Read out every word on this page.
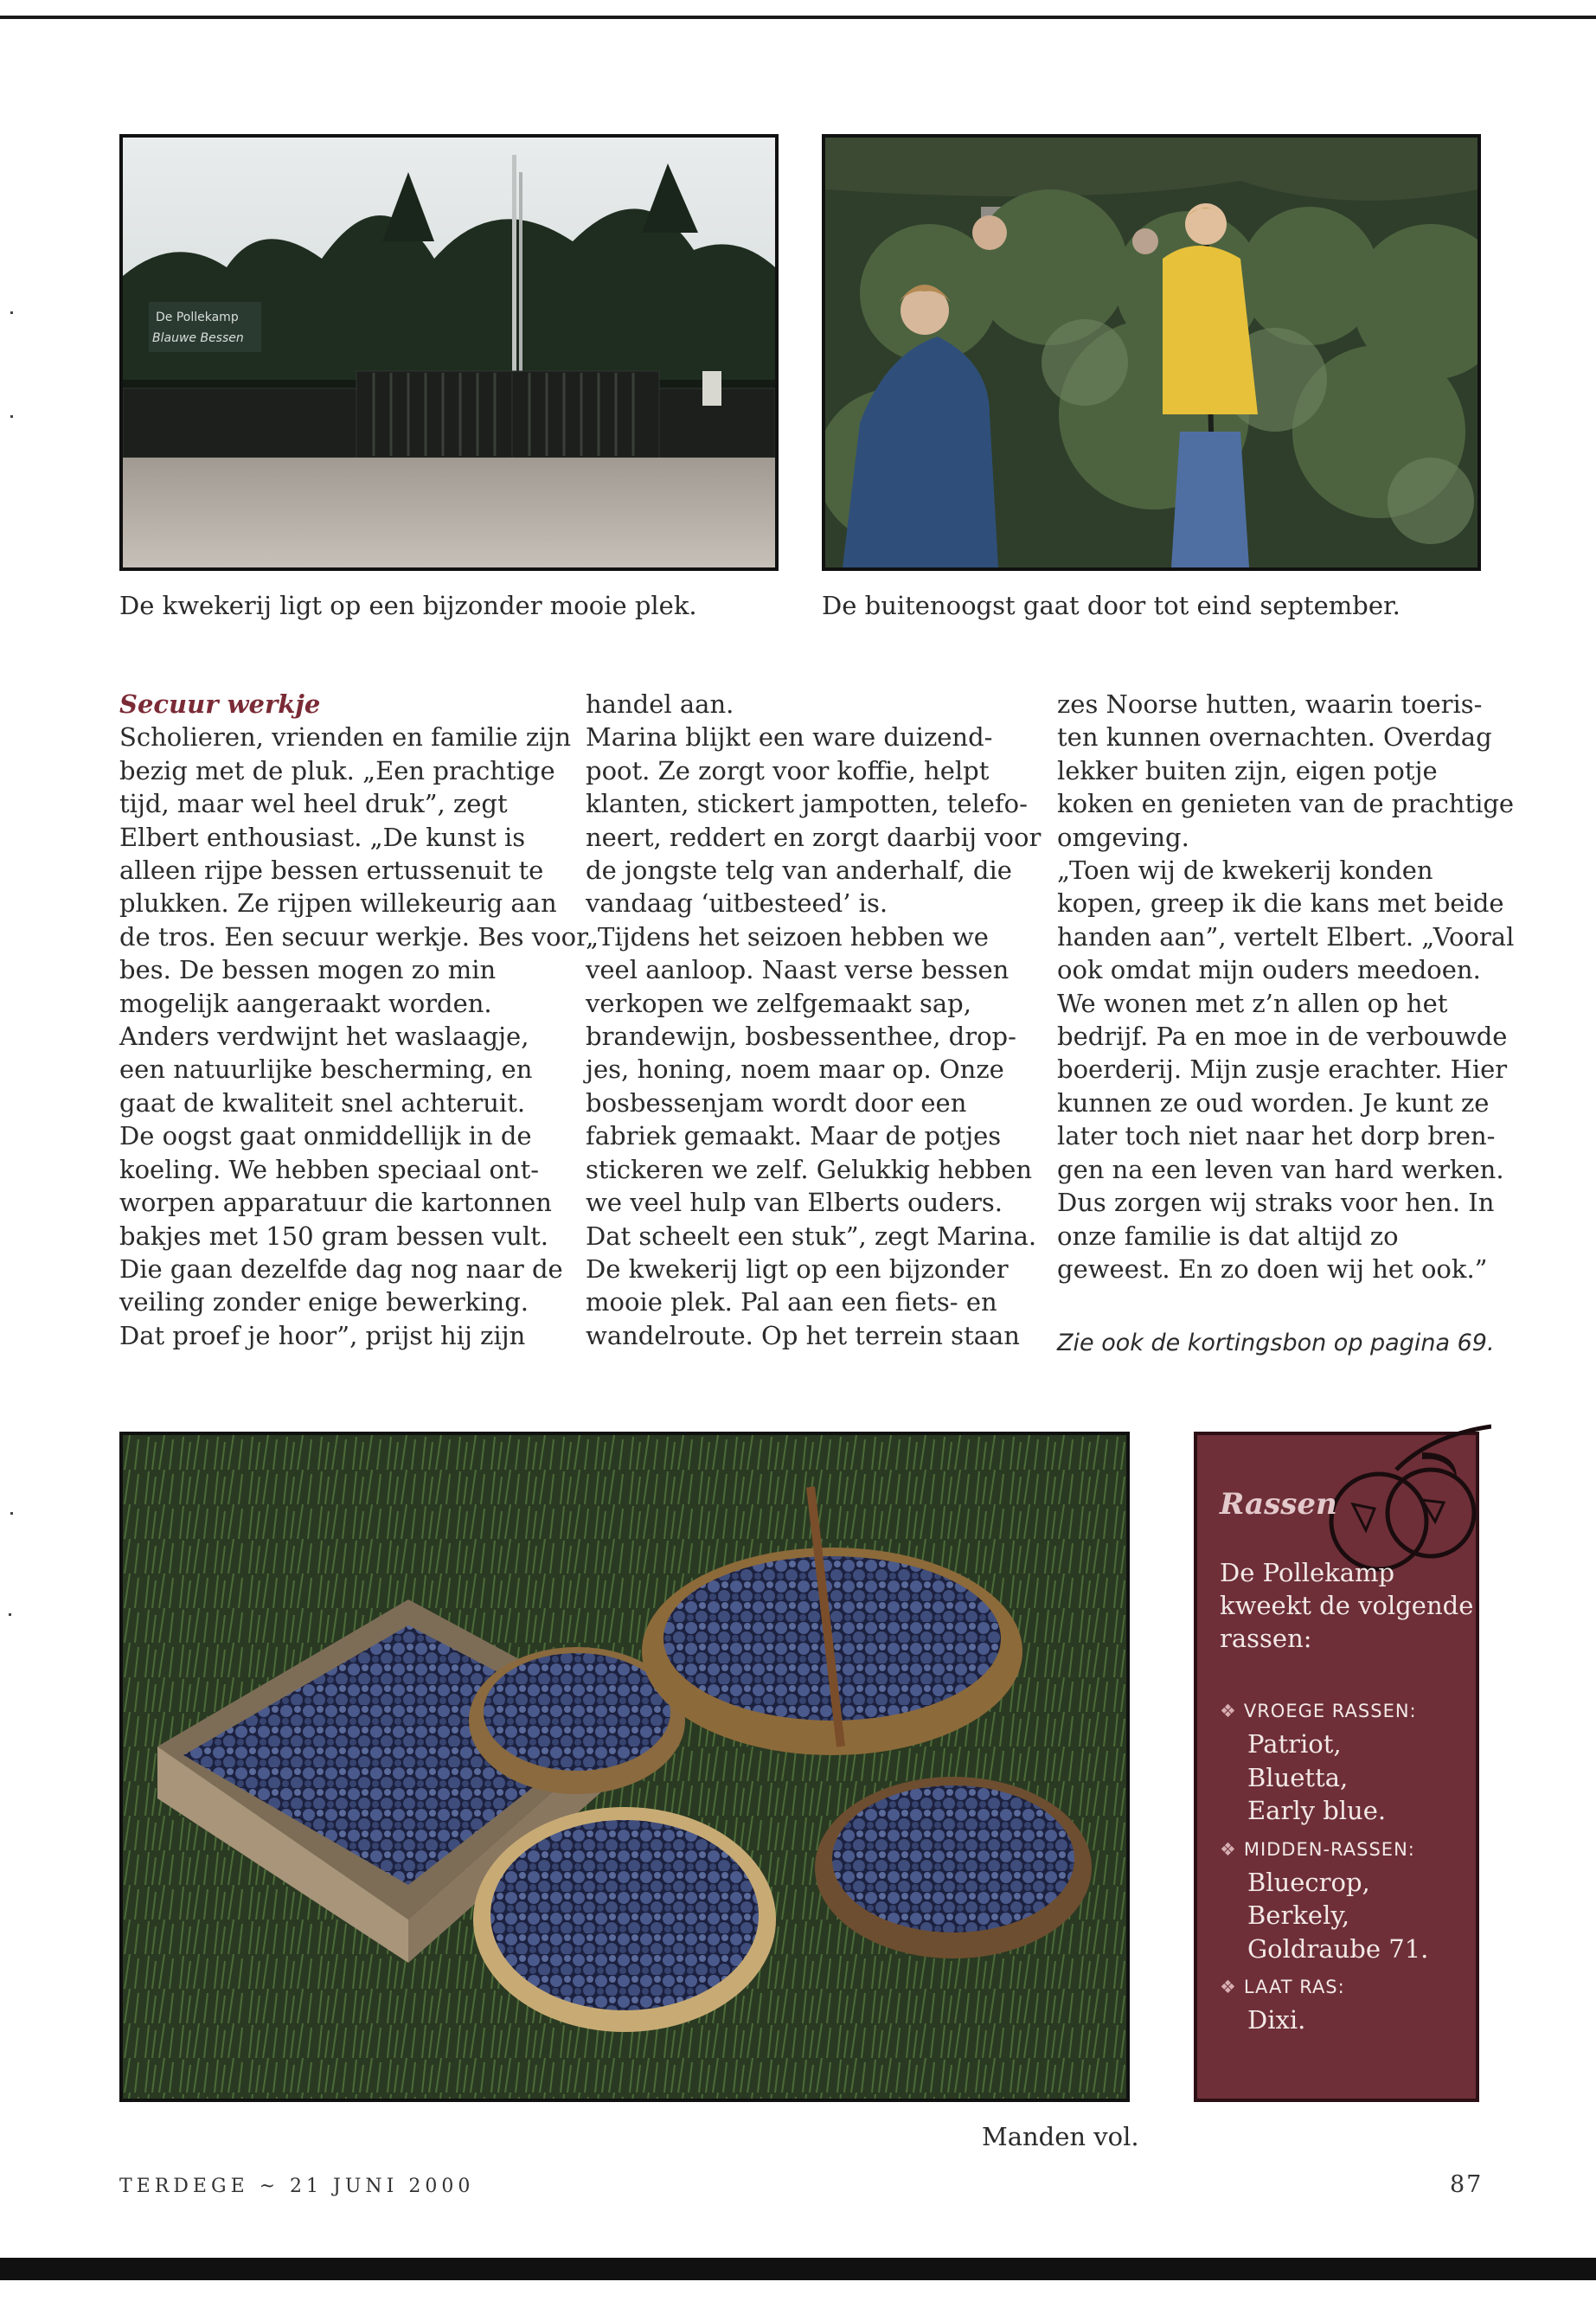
De Pollekamp
Blauwe Bessen
De kwekerij ligt op een bijzonder mooie plek.	De buitenoogst gaat door tot eind september.

Secuur werkje

Scholieren, vrienden en familie zijn

bezig met de pluk. „Een prachtige

tijd, maar wel heel druk”, zegt

Elbert enthousiast. „De kunst is

alleen rijpe bessen ertussenuit te

plukken. Ze rijpen willekeurig aan

de tros. Een secuur werkje. Bes voor

bes. De bessen mogen zo min

mogelijk aangeraakt worden.

Anders verdwijnt het waslaagje,

een natuurlijke bescherming, en

gaat de kwaliteit snel achteruit.

De oogst gaat onmiddellijk in de

koeling. We hebben speciaal ont-

worpen apparatuur die kartonnen

bakjes met 150 gram bessen vult.

Die gaan dezelfde dag nog naar de

veiling zonder enige bewerking.

Dat proef je hoor”, prijst hij zijn

handel aan.

Marina blijkt een ware duizend-

poot. Ze zorgt voor koffie, helpt

klanten, stickert jampotten, telefo-

neert, reddert en zorgt daarbij voor

de jongste telg van anderhalf, die

vandaag ‘uitbesteed’ is.

„Tijdens het seizoen hebben we

veel aanloop. Naast verse bessen

verkopen we zelfgemaakt sap,

brandewijn, bosbessenthee, drop-

jes, honing, noem maar op. Onze

bosbessenjam wordt door een

fabriek gemaakt. Maar de potjes

stickeren we zelf. Gelukkig hebben

we veel hulp van Elberts ouders.

Dat scheelt een stuk”, zegt Marina.

De kwekerij ligt op een bijzonder

mooie plek. Pal aan een fiets- en

wandelroute. Op het terrein staan

zes Noorse hutten, waarin toeris-

ten kunnen overnachten. Overdag

lekker buiten zijn, eigen potje

koken en genieten van de prachtige

omgeving.

„Toen wij de kwekerij konden

kopen, greep ik die kans met beide

handen aan”, vertelt Elbert. „Vooral

ook omdat mijn ouders meedoen.

We wonen met z’n allen op het

bedrijf. Pa en moe in de verbouwde

boerderij. Mijn zusje erachter. Hier

kunnen ze oud worden. Je kunt ze

later toch niet naar het dorp bren-

gen na een leven van hard werken.

Dus zorgen wij straks voor hen. In

onze familie is dat altijd zo

geweest. En zo doen wij het ook.”

Zie ook de kortingsbon op pagina 69.
Manden vol.
Rassen
De Pollekamp
kweekt de volgende
rassen:
❖ VROEGE RASSEN:
Patriot,
Bluetta,
Early blue.
❖ MIDDEN-RASSEN:
Bluecrop,
Berkely,
Goldraube 71.
❖ LAAT RAS:
Dixi.
TERDEGE ~ 21 JUNI 2000	87
